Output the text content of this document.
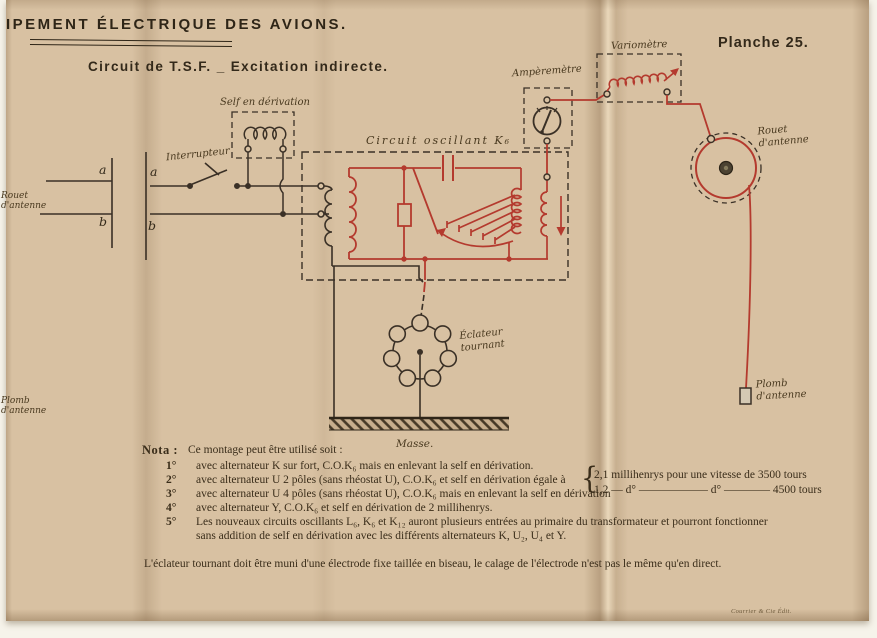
IPEMENT ÉLECTRIQUE DES AVIONS.
Circuit de T.S.F. _ Excitation indirecte.
Planche 25.
Self en dérivation
Interrupteur
Circuit oscillant K₆
Ampèremètre
Variomètre
Rouet d'antenne
Plomb d'antenne
Éclateur tournant
Masse.
Rouet d'antenne
Plomb d'antenne
a	a
b	b
Nota : Ce montage peut être utilisé soit :
1° avec alternateur K sur fort, C.O.K₆ mais en enlevant la self en dérivation.
2° avec alternateur U 2 pôles (sans rhéostat U), C.O.K₆ et self en dérivation égale à
3° avec alternateur U 4 pôles (sans rhéostat U), C.O.K₆ mais en enlevant la self en dérivation
4° avec alternateur Y, C.O.K₆ et self en dérivation de 2 millihenrys.
5° Les nouveaux circuits oscillants L₆, K₆ et K₁₂ auront plusieurs entrées au primaire du transformateur et pourront fonctionner
sans addition de self en dérivation avec les différents alternateurs K, U₂, U₄ et Y.
{
2,1 millihenrys pour une vitesse de 3500 tours
1,2 — d° —————— d° ———— 4500 tours
L'éclateur tournant doit être muni d'une électrode fixe taillée en biseau, le calage de l'électrode n'est pas le même qu'en direct.
Courrier & Cie Édit.
